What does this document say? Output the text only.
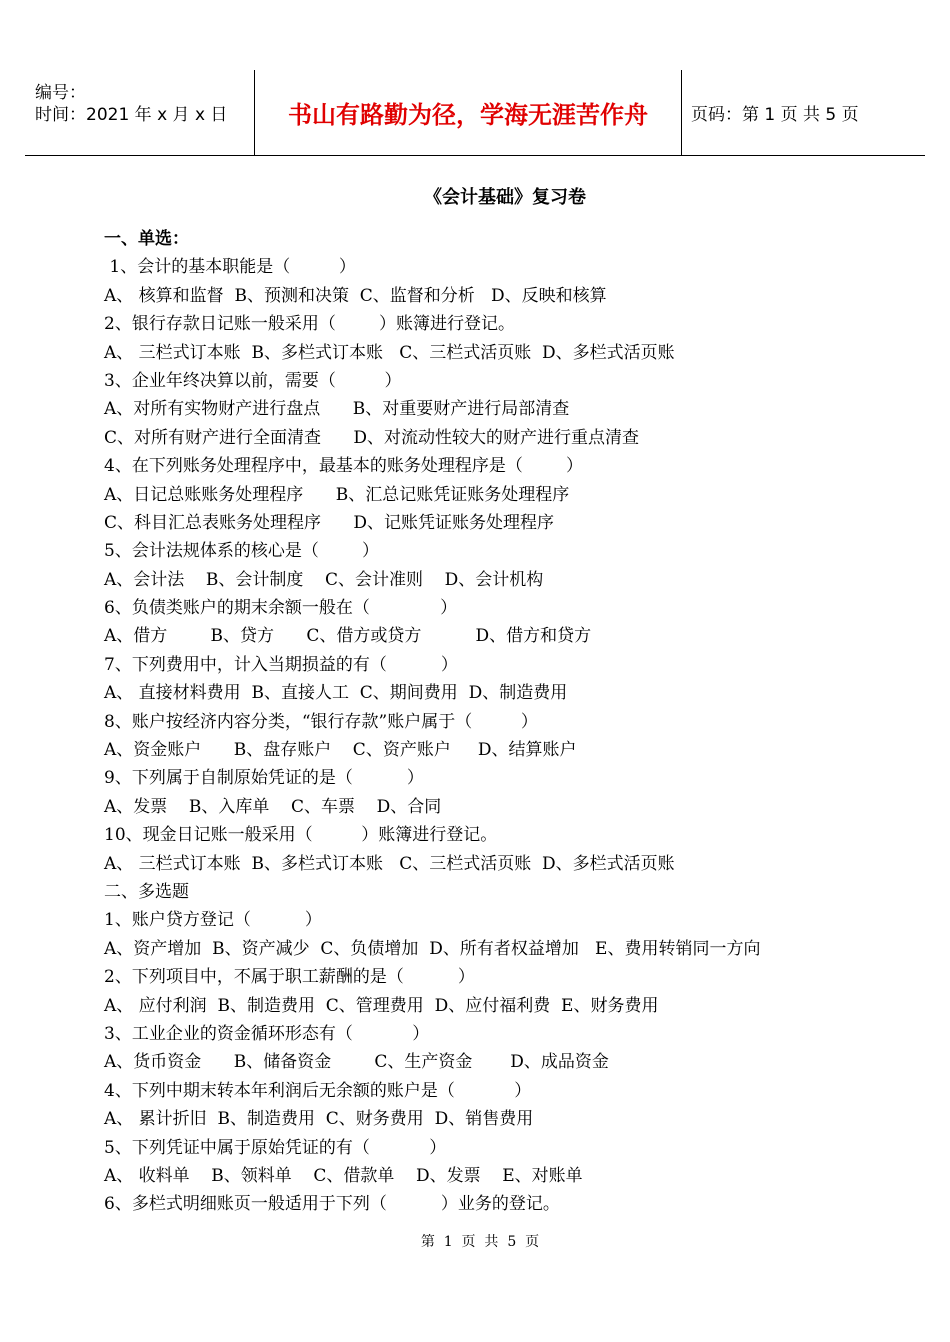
编号：
时间：2021 年 x 月 x 日	书山有路勤为径，学海无涯苦作舟	页码：第 1 页 共 5 页
《会计基础》复习卷
一、单选：
1、会计的基本职能是（         ）
A、 核算和监督  B、预测和决策  C、监督和分析   D、反映和核算
2、银行存款日记账一般采用（        ）账簿进行登记。
A、 三栏式订本账  B、多栏式订本账   C、三栏式活页账  D、多栏式活页账
3、企业年终决算以前，需要（         ）
A、对所有实物财产进行盘点      B、对重要财产进行局部清查
C、对所有财产进行全面清查      D、对流动性较大的财产进行重点清查
4、在下列账务处理程序中，最基本的账务处理程序是（        ）
A、日记总账账务处理程序      B、汇总记账凭证账务处理程序
C、科目汇总表账务处理程序      D、记账凭证账务处理程序
5、会计法规体系的核心是（        ）
A、会计法    B、会计制度    C、会计准则    D、会计机构
6、负债类账户的期末余额一般在（             ）
A、借方        B、贷方      C、借方或贷方          D、借方和贷方
7、下列费用中，计入当期损益的有（          ）
A、 直接材料费用  B、直接人工  C、期间费用  D、制造费用
8、账户按经济内容分类，“银行存款”账户属于（         ）
A、资金账户      B、盘存账户    C、资产账户     D、结算账户
9、下列属于自制原始凭证的是（          ）
A、发票    B、入库单    C、车票    D、合同
10、现金日记账一般采用（         ）账簿进行登记。
A、 三栏式订本账  B、多栏式订本账   C、三栏式活页账  D、多栏式活页账
二、多选题
1、账户贷方登记（          ）
A、资产增加  B、资产减少  C、负债增加  D、所有者权益增加   E、费用转销同一方向
2、下列项目中，不属于职工薪酬的是（          ）
A、 应付利润  B、制造费用  C、管理费用  D、应付福利费  E、财务费用
3、工业企业的资金循环形态有（           ）
A、货币资金      B、储备资金        C、生产资金       D、成品资金
4、下列中期末转本年利润后无余额的账户是（           ）
A、 累计折旧  B、制造费用  C、财务费用  D、销售费用
5、下列凭证中属于原始凭证的有（           ）
A、 收料单    B、领料单    C、借款单    D、发票    E、对账单
6、多栏式明细账页一般适用于下列（          ）业务的登记。
第  1  页  共  5  页
